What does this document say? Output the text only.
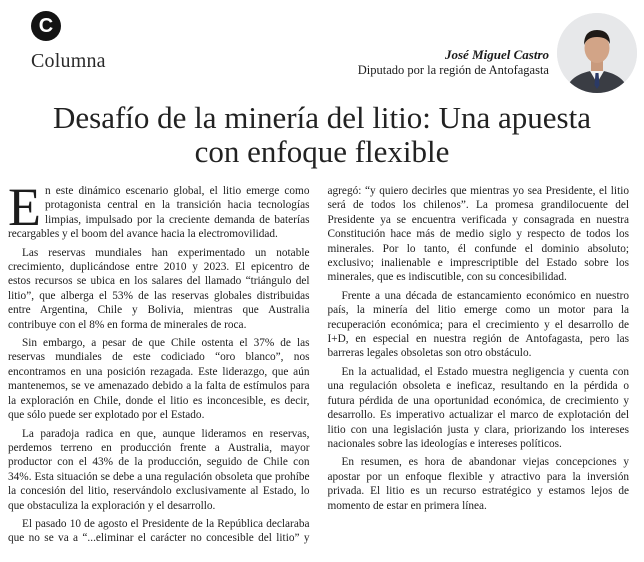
C
Columna	José Miguel Castro
Diputado por la región de Antofagasta
Desafío de la minería del litio: Una apuesta
con enfoque flexible

En este dinámico escenario global, el litio emerge como protagonista central en la transición hacia tecnologías limpias, impulsado por la creciente demanda de baterías recargables y el boom del avance hacia la electromovilidad.

Las reservas mundiales han experimentado un notable crecimiento, duplicándose entre 2010 y 2023. El epicentro de estos recursos se ubica en los salares del llamado “triángulo del litio”, que alberga el 53% de las reservas globales distribuidas entre Argentina, Chile y Bolivia, mientras que Australia contribuye con el 8% en forma de minerales de roca.

Sin embargo, a pesar de que Chile ostenta el 37% de las reservas mundiales de este codiciado “oro blanco”, nos encontramos en una posición rezagada. Este liderazgo, que aún mantenemos, se ve amenazado debido a la falta de estímulos para la exploración en Chile, donde el litio es inconcesible, es decir, que sólo puede ser explotado por el Estado.

La paradoja radica en que, aunque lideramos en reservas, perdemos terreno en producción frente a Australia, mayor productor con el 43% de la producción, seguido de Chile con 34%. Esta situación se debe a una regulación obsoleta que prohíbe la concesión del litio, reservándolo exclusivamente al Estado, lo que obstaculiza la exploración y el desarrollo.

El pasado 10 de agosto el Presidente de la República declaraba que no se va a “...eliminar el carácter no concesible del litio” y agregó: “y quiero decirles que mientras yo sea Presidente, el litio será de todos los chilenos”. La promesa grandilocuente del Presidente ya se encuentra verificada y consagrada en nuestra Constitución hace más de medio siglo y respecto de todos los minerales. Por lo tanto, él confunde el dominio absoluto; exclusivo; inalienable e imprescriptible del Estado sobre los minerales, que es indiscutible, con su concesibilidad.

Frente a una década de estancamiento económico en nuestro país, la minería del litio emerge como un motor para la recuperación económica; para el crecimiento y el desarrollo de I+D, en especial en nuestra región de Antofagasta, pero las barreras legales obsoletas son otro obstáculo.

En la actualidad, el Estado muestra negligencia y cuenta con una regulación obsoleta e ineficaz, resultando en la pérdida o futura pérdida de una oportunidad económica, de crecimiento y desarrollo. Es imperativo actualizar el marco de explotación del litio con una legislación justa y clara, priorizando los intereses nacionales sobre las ideologías e intereses políticos.

En resumen, es hora de abandonar viejas concepciones y apostar por un enfoque flexible y atractivo para la inversión privada. El litio es un recurso estratégico y estamos lejos de momento de estar en primera línea.
